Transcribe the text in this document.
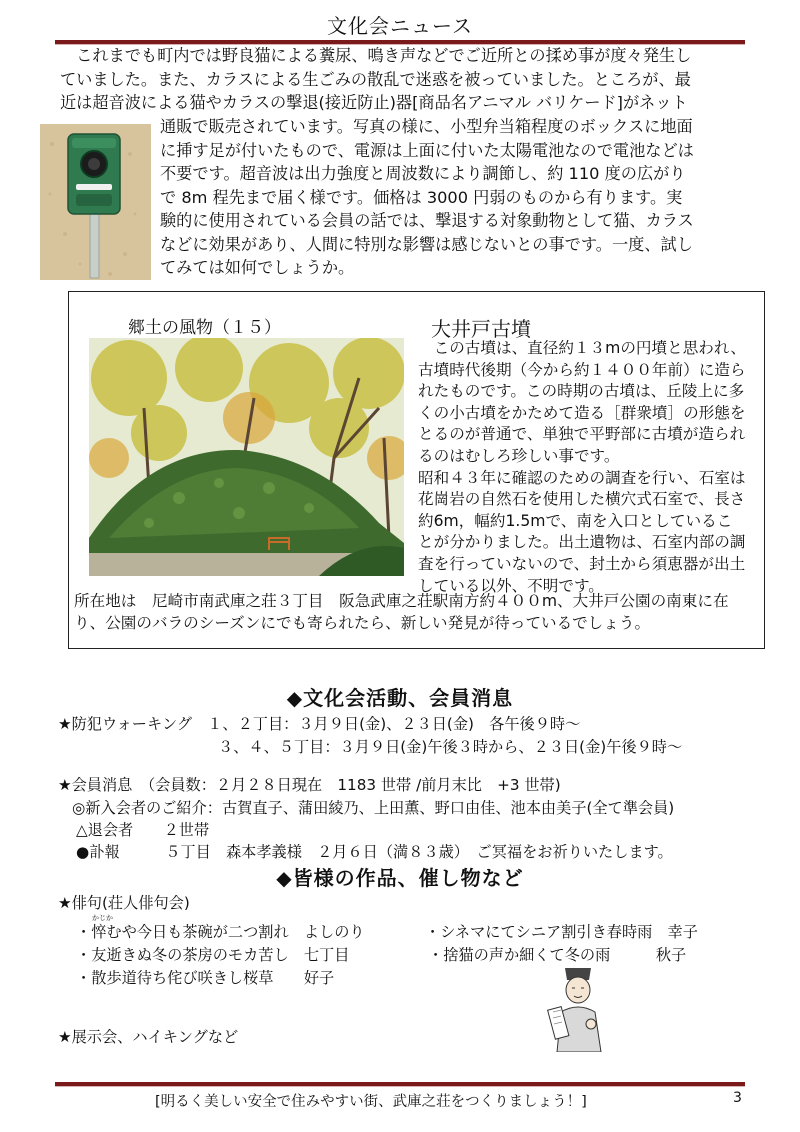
文化会ニュース
　これまでも町内では野良猫による糞尿、鳴き声などでご近所との揉め事が度々発生し
ていました。また、カラスによる生ごみの散乱で迷惑を被っていました。ところが、最
近は超音波による猫やカラスの撃退(接近防止)器[商品名アニマル バリケード]がネット
通販で販売されています。写真の様に、小型弁当箱程度のボックスに地面
に挿す足が付いたもので、電源は上面に付いた太陽電池なので電池などは
不要です。超音波は出力強度と周波数により調節し、約 110 度の広がり
で 8m 程先まで届く様です。価格は 3000 円弱のものから有ります。実
験的に使用されている会員の話では、撃退する対象動物として猫、カラス
などに効果があり、人間に特別な影響は感じないとの事です。一度、試し
てみては如何でしょうか。
郷土の風物（１５）	大井戸古墳
　この古墳は、直径約１３mの円墳と思われ、
古墳時代後期（今から約１４００年前）に造ら
れたものです。この時期の古墳は、丘陵上に多
くの小古墳をかためて造る［群衆墳］の形態を
とるのが普通で、単独で平野部に古墳が造られ
るのはむしろ珍しい事です。
昭和４３年に確認のための調査を行い、石室は
花崗岩の自然石を使用した横穴式石室で、長さ
約6m，幅約1.5mで、南を入口としているこ
とが分かりました。出土遺物は、石室内部の調
査を行っていないので、封土から須恵器が出土
している以外、不明です。
所在地は　尼崎市南武庫之荘３丁目　阪急武庫之荘駅南方約４００m、大井戸公園の南東に在
り、公園のバラのシーズンにでも寄られたら、新しい発見が待っているでしょう。
◆文化会活動、会員消息
★防犯ウォーキング　１、２丁目：３月９日(金)、２３日(金)　各午後９時～
３、４、５丁目：３月９日(金)午後３時から、２３日(金)午後９時～
★会員消息　（会員数：２月２８日現在　1183 世帯 /前月末比　+3 世帯)
◎新入会者のご紹介：古賀直子、蒲田綾乃、上田薫、野口由佳、池本由美子(全て準会員)
△退会者　　２世帯
●訃報　　　５丁目　森本孝義様　２月６日（満８３歳）　ご冥福をお祈りいたします。
◆皆様の作品、催し物など
★俳句(荘人俳句会)
かじか
・悴むや今日も茶碗が二つ割れ　よしのり	・シネマにてシニア割引き春時雨　幸子
・友逝きぬ冬の茶房のモカ苦し　七丁目	・捨猫の声か細くて冬の雨　　　秋子
・散歩道待ち侘び咲きし桜草　　好子
★展示会、ハイキングなど
[明るく美しい安全で住みやすい街、武庫之荘をつくりましょう！]	3
